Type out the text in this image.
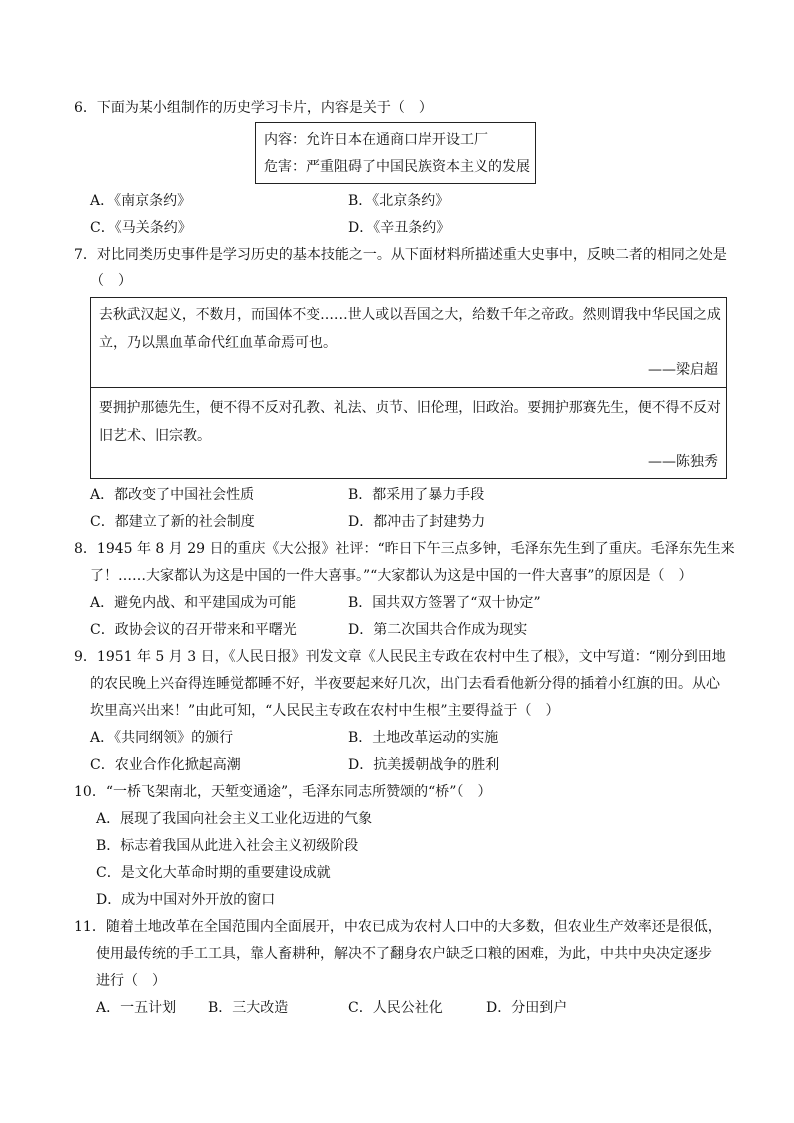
6．下面为某小组制作的历史学习卡片，内容是关于（　）
内容：允许日本在通商口岸开设工厂
危害：严重阻碍了中国民族资本主义的发展
A．《南京条约》	B．《北京条约》
C．《马关条约》	D．《辛丑条约》
7．对比同类历史事件是学习历史的基本技能之一。从下面材料所描述重大史事中，反映二者的相同之处是
（　）
去秋武汉起义，不数月，而国体不变……世人或以吾国之大，给数千年之帝政。然则谓我中华民国之成
立，乃以黑血革命代红血革命焉可也。
——梁启超
要拥护那德先生，便不得不反对孔教、礼法、贞节、旧伦理，旧政治。要拥护那赛先生，便不得不反对
旧艺术、旧宗教。
——陈独秀
A．都改变了中国社会性质	B．都采用了暴力手段
C．都建立了新的社会制度	D．都冲击了封建势力
8．1945 年 8 月 29 日的重庆《大公报》社评：“昨日下午三点多钟，毛泽东先生到了重庆。毛泽东先生来
了！……大家都认为这是中国的一件大喜事。”“大家都认为这是中国的一件大喜事”的原因是（　）
A．避免内战、和平建国成为可能	B．国共双方签署了“双十协定”
C．政协会议的召开带来和平曙光	D．第二次国共合作成为现实
9．1951 年 5 月 3 日，《人民日报》刊发文章《人民民主专政在农村中生了根》，文中写道：“刚分到田地
的农民晚上兴奋得连睡觉都睡不好，半夜要起来好几次，出门去看看他新分得的插着小红旗的田。从心
坎里高兴出来！”由此可知，“人民民主专政在农村中生根”主要得益于（　）
A．《共同纲领》的颁行	B．土地改革运动的实施
C．农业合作化掀起高潮	D．抗美援朝战争的胜利
10．“一桥飞架南北，天堑变通途”，毛泽东同志所赞颂的“桥”（　）
A．展现了我国向社会主义工业化迈进的气象
B．标志着我国从此进入社会主义初级阶段
C．是文化大革命时期的重要建设成就
D．成为中国对外开放的窗口
11．随着土地改革在全国范围内全面展开，中农已成为农村人口中的大多数，但农业生产效率还是很低，
使用最传统的手工工具，靠人畜耕种，解决不了翻身农户缺乏口粮的困难，为此，中共中央决定逐步
进行（　）
A．一五计划 B．三大改造	C．人民公社化	D．分田到户
